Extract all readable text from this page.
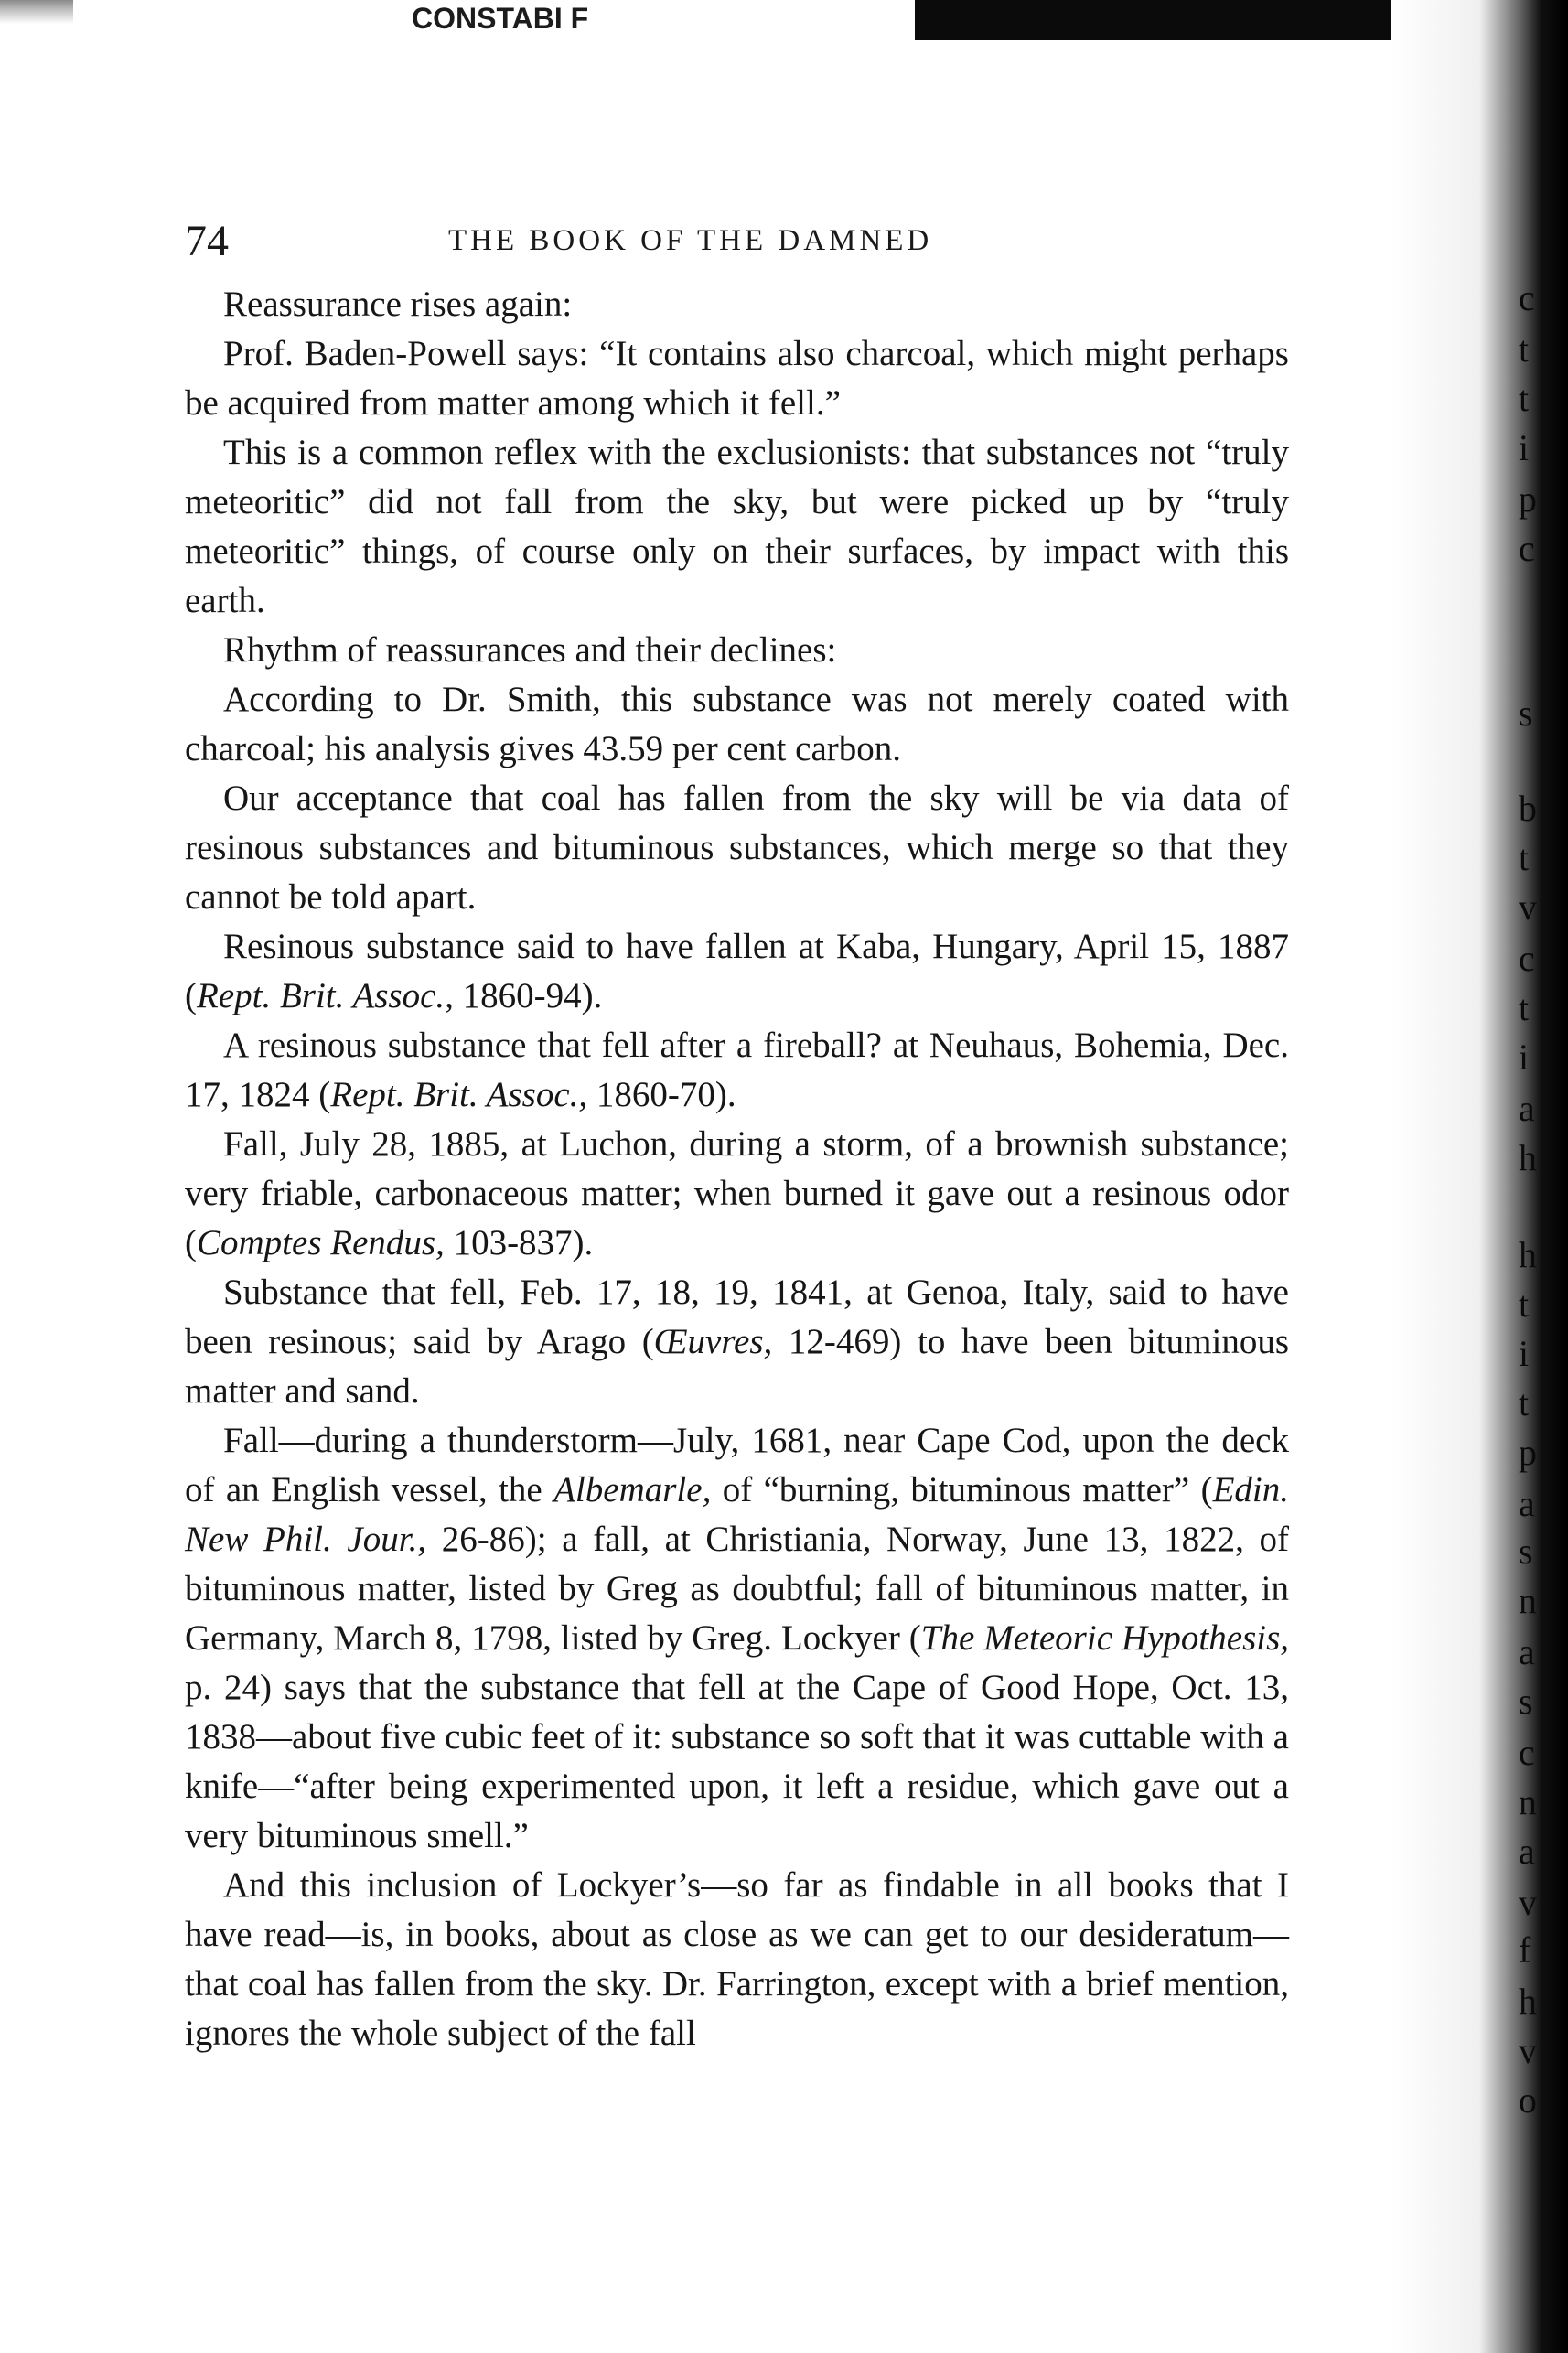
CONSTABI F
c
t
t
i
p
c
s
b
t
v
c
t
i
a
h
h
t
i
t
p
a
s
n
a
s
c
n
a
v
f
h
v
o
74	THE BOOK OF THE DAMNED

Reassurance rises again:

Prof. Baden-Powell says: “It contains also charcoal, which might perhaps be acquired from matter among which it fell.”

This is a common reflex with the exclusionists: that substances not “truly meteoritic” did not fall from the sky, but were picked up by “truly meteoritic” things, of course only on their surfaces, by impact with this earth.

Rhythm of reassurances and their declines:

According to Dr. Smith, this substance was not merely coated with charcoal; his analysis gives 43.59 per cent carbon.

Our acceptance that coal has fallen from the sky will be via data of resinous substances and bituminous substances, which merge so that they cannot be told apart.

Resinous substance said to have fallen at Kaba, Hungary, April 15, 1887 (Rept. Brit. Assoc., 1860-94).

A resinous substance that fell after a fireball? at Neuhaus, Bohemia, Dec. 17, 1824 (Rept. Brit. Assoc., 1860-70).

Fall, July 28, 1885, at Luchon, during a storm, of a brownish substance; very friable, carbonaceous matter; when burned it gave out a resinous odor (Comptes Rendus, 103-837).

Substance that fell, Feb. 17, 18, 19, 1841, at Genoa, Italy, said to have been resinous; said by Arago (Œuvres, 12-469) to have been bituminous matter and sand.

Fall—during a thunderstorm—July, 1681, near Cape Cod, upon the deck of an English vessel, the Albemarle, of “burning, bituminous matter” (Edin. New Phil. Jour., 26-86); a fall, at Christiania, Norway, June 13, 1822, of bituminous matter, listed by Greg as doubtful; fall of bituminous matter, in Germany, March 8, 1798, listed by Greg. Lockyer (The Meteoric Hypothesis, p. 24) says that the substance that fell at the Cape of Good Hope, Oct. 13, 1838—about five cubic feet of it: substance so soft that it was cuttable with a knife—“after being experimented upon, it left a residue, which gave out a very bituminous smell.”

And this inclusion of Lockyer’s—so far as findable in all books that I have read—is, in books, about as close as we can get to our desideratum—that coal has fallen from the sky. Dr. Farrington, except with a brief mention, ignores the whole subject of the fall
